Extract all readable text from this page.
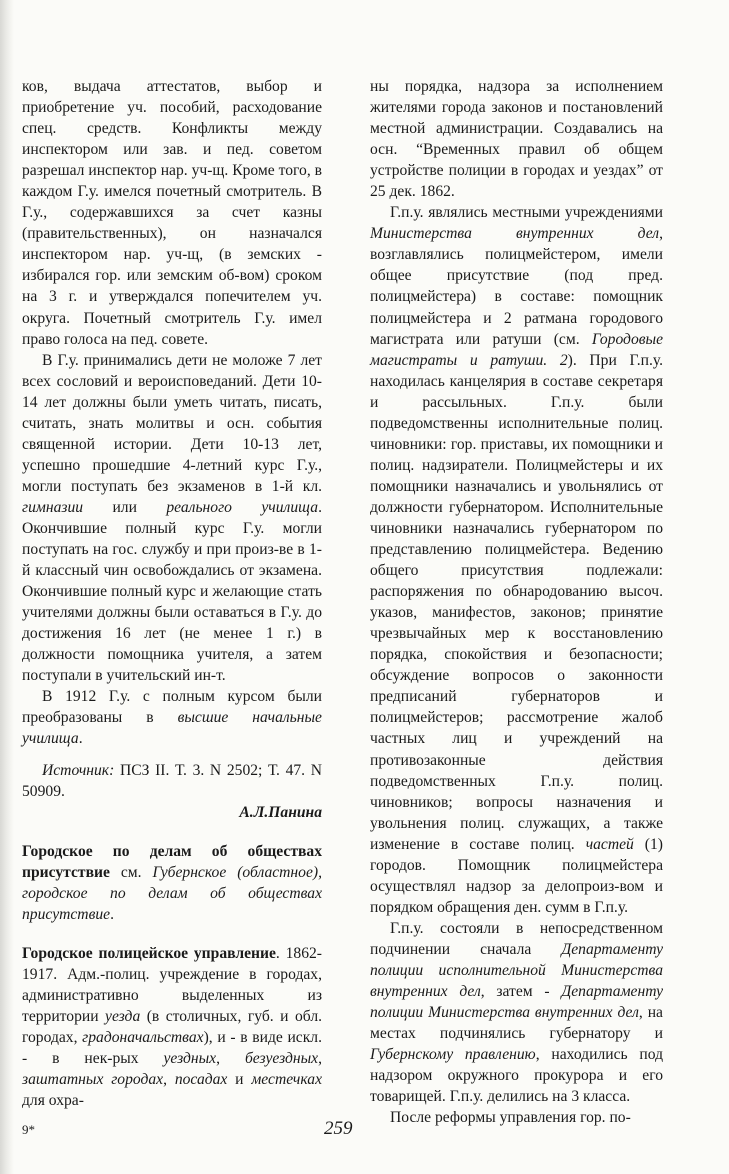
ков, выдача аттестатов, выбор и приобретение уч. пособий, расходование спец. средств. Конфликты между инспектором или зав. и пед. советом разрешал инспектор нар. уч-щ. Кроме того, в каждом Г.у. имелся почетный смотритель. В Г.у., содержавшихся за счет казны (правительственных), он назначался инспектором нар. уч-щ, (в земских - избирался гор. или земским об-вом) сроком на 3 г. и утверждался попечителем уч. округа. Почетный смотритель Г.у. имел право голоса на пед. совете.

В Г.у. принимались дети не моложе 7 лет всех сословий и вероисповеданий. Дети 10-14 лет должны были уметь читать, писать, считать, знать молитвы и осн. события священной истории. Дети 10-13 лет, успешно прошедшие 4-летний курс Г.у., могли поступать без экзаменов в 1-й кл. гимназии или реального училища. Окончившие полный курс Г.у. могли поступать на гос. службу и при произ-ве в 1-й классный чин освобождались от экзамена. Окончившие полный курс и желающие стать учителями должны были оставаться в Г.у. до достижения 16 лет (не менее 1 г.) в должности помощника учителя, а затем поступали в учительский ин-т.

В 1912 Г.у. с полным курсом были преобразованы в высшие начальные училища.

Источник: ПСЗ II. Т. 3. N 2502; Т. 47. N 50909.

А.Л.Панина

Городское по делам об обществах присутствие см. Губернское (областное), городское по делам об обществах присутствие.

Городское полицейское управление. 1862-1917. Адм.-полиц. учреждение в городах, административно выделенных из территории уезда (в столичных, губ. и обл. городах, градоначальствах), и - в виде искл. - в нек-рых уездных, безуездных, заштатных городах, посадах и местечках для охра-

ны порядка, надзора за исполнением жителями города законов и постановлений местной администрации. Создавались на осн. “Временных правил об общем устройстве полиции в городах и уездах” от 25 дек. 1862.

Г.п.у. являлись местными учреждениями Министерства внутренних дел, возглавлялись полицмейстером, имели общее присутствие (под пред. полицмейстера) в составе: помощник полицмейстера и 2 ратмана городового магистрата или ратуши (см. Городовые магистраты и ратуши. 2). При Г.п.у. находилась канцелярия в составе секретаря и рассыльных. Г.п.у. были подведомственны исполнительные полиц. чиновники: гор. приставы, их помощники и полиц. надзиратели. Полицмейстеры и их помощники назначались и увольнялись от должности губернатором. Исполнительные чиновники назначались губернатором по представлению полицмейстера. Ведению общего присутствия подлежали: распоряжения по обнародованию высоч. указов, манифестов, законов; принятие чрезвычайных мер к восстановлению порядка, спокойствия и безопасности; обсуждение вопросов о законности предписаний губернаторов и полицмейстеров; рассмотрение жалоб частных лиц и учреждений на противозаконные действия подведомственных Г.п.у. полиц. чиновников; вопросы назначения и увольнения полиц. служащих, а также изменение в составе полиц. частей (1) городов. Помощник полицмейстера осуществлял надзор за делопроиз-вом и порядком обращения ден. сумм в Г.п.у.

Г.п.у. состояли в непосредственном подчинении сначала Департаменту полиции исполнительной Министерства внутренних дел, затем - Департаменту полиции Министерства внутренних дел, на местах подчинялись губернатору и Губернскому правлению, находились под надзором окружного прокурора и его товарищей. Г.п.у. делились на 3 класса.

После реформы управления гор. по-

9*	259
